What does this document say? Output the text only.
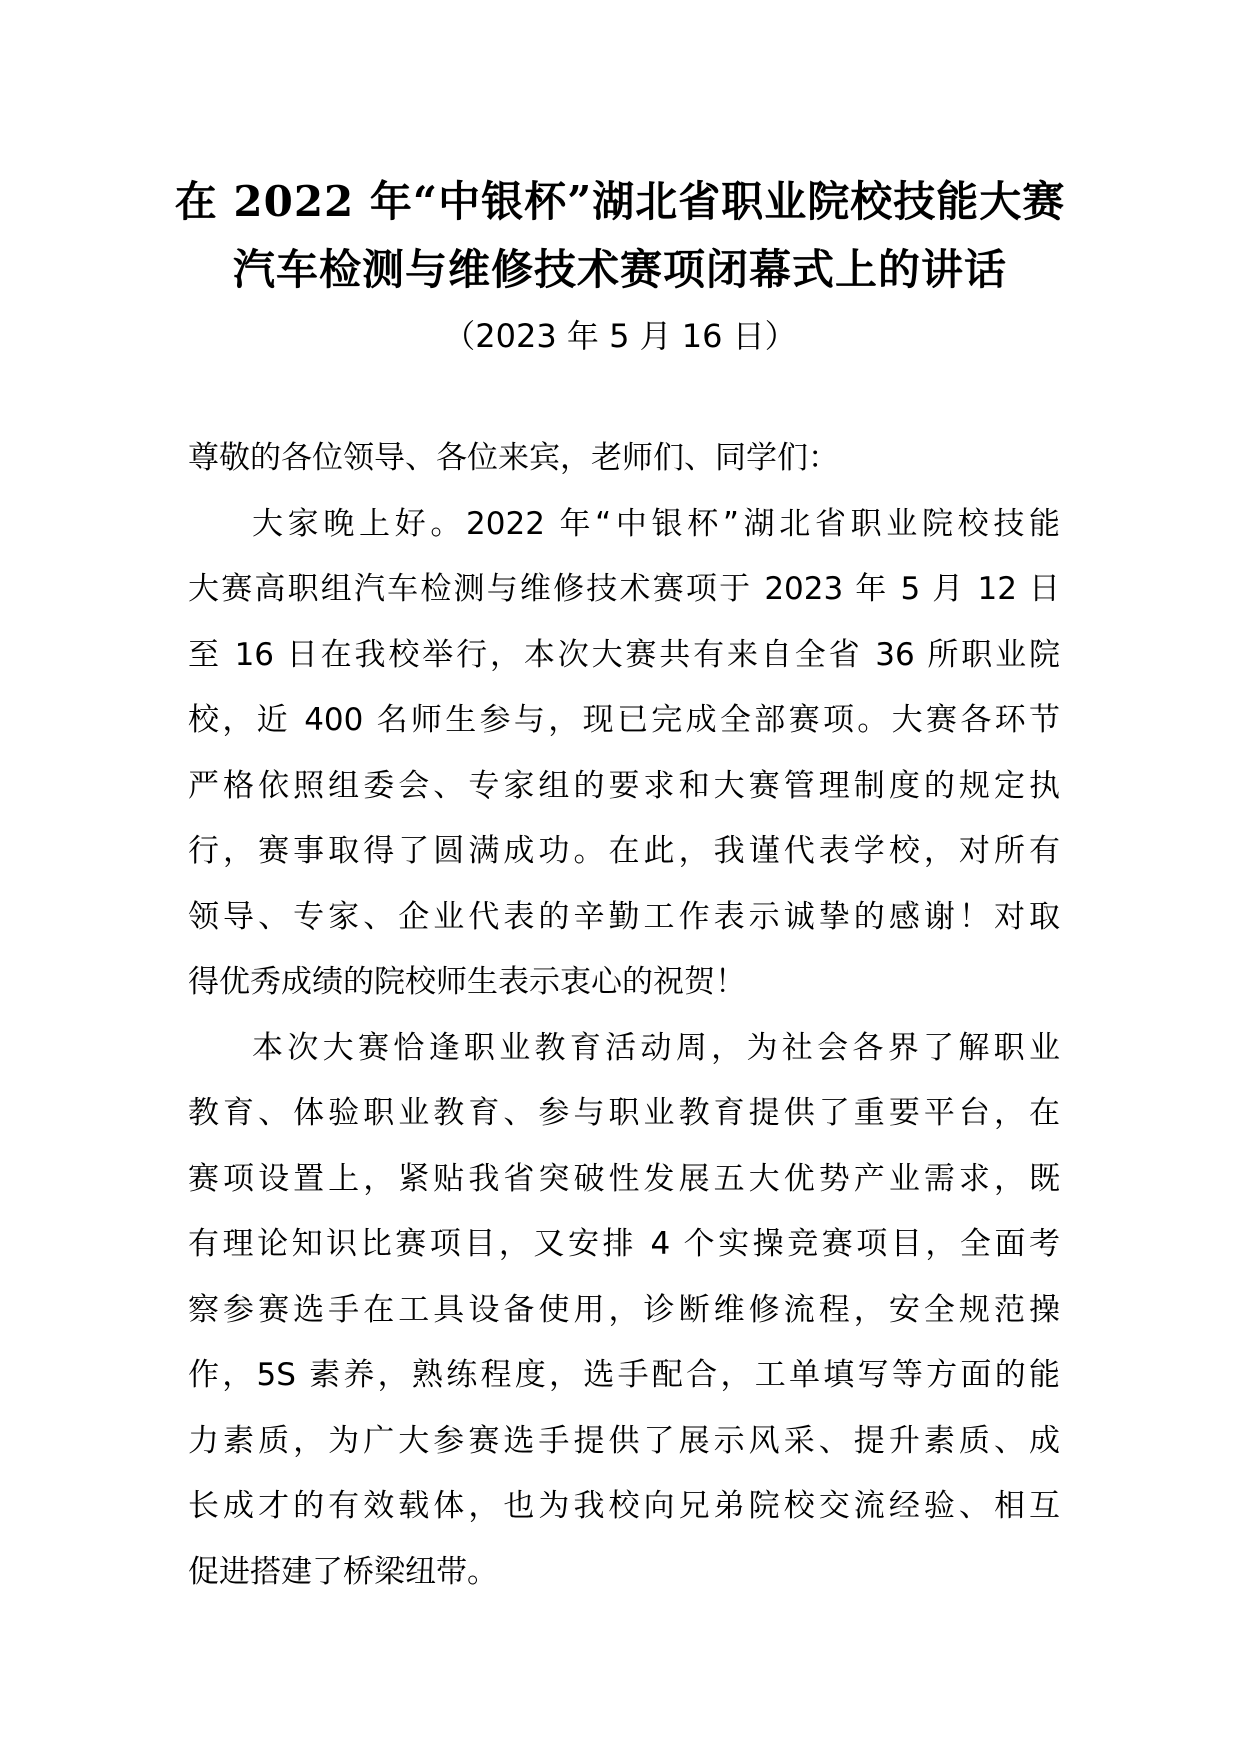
在 2022 年“中银杯”湖北省职业院校技能大赛
汽车检测与维修技术赛项闭幕式上的讲话
（2023 年 5 月 16 日）

尊敬的各位领导、各位来宾，老师们、同学们：

大家晚上好。2022 年“中银杯”湖北省职业院校技能
大赛高职组汽车检测与维修技术赛项于 2023 年 5 月 12 日
至 16 日在我校举行，本次大赛共有来自全省 36 所职业院
校，近 400 名师生参与，现已完成全部赛项。大赛各环节
严格依照组委会、专家组的要求和大赛管理制度的规定执
行，赛事取得了圆满成功。在此，我谨代表学校，对所有
领导、专家、企业代表的辛勤工作表示诚挚的感谢！对取
得优秀成绩的院校师生表示衷心的祝贺！
本次大赛恰逢职业教育活动周，为社会各界了解职业
教育、体验职业教育、参与职业教育提供了重要平台，在
赛项设置上，紧贴我省突破性发展五大优势产业需求，既
有理论知识比赛项目，又安排 4 个实操竞赛项目，全面考
察参赛选手在工具设备使用，诊断维修流程，安全规范操
作，5S 素养，熟练程度，选手配合，工单填写等方面的能
力素质，为广大参赛选手提供了展示风采、提升素质、成
长成才的有效载体，也为我校向兄弟院校交流经验、相互
促进搭建了桥梁纽带。
